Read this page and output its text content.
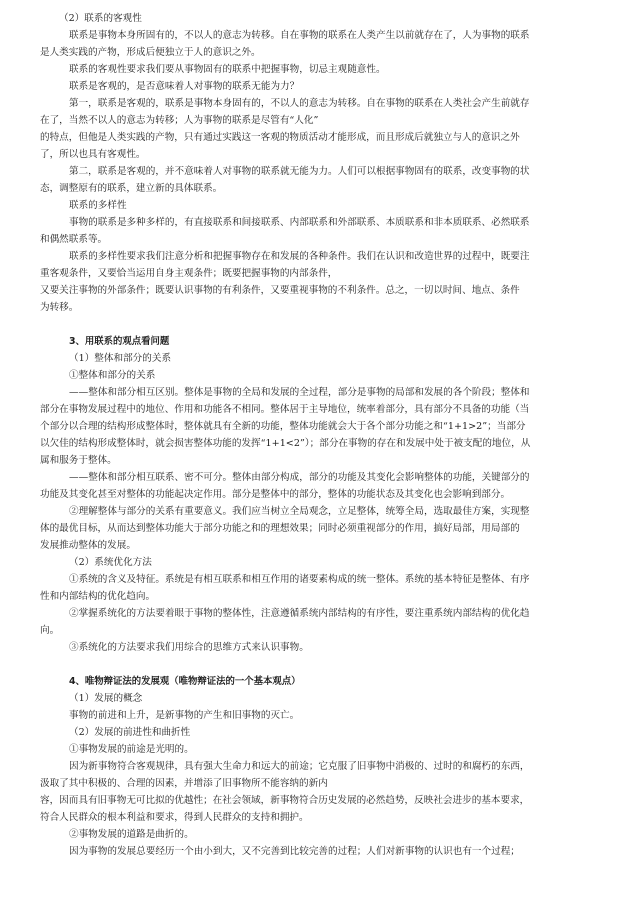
（2）联系的客观性
联系是事物本身所固有的，不以人的意志为转移。自在事物的联系在人类产生以前就存在了，人为事物的联系
是人类实践的产物，形成后便独立于人的意识之外。
联系的客观性要求我们要从事物固有的联系中把握事物，切忌主观随意性。
联系是客观的，是否意味着人对事物的联系无能为力？
第一，联系是客观的，联系是事物本身固有的，不以人的意志为转移。自在事物的联系在人类社会产生前就存
在了，当然不以人的意志为转移；人为事物的联系是尽管有“人化”
的特点，但他是人类实践的产物，只有通过实践这一客观的物质活动才能形成，而且形成后就独立与人的意识之外
了，所以也具有客观性。
第二，联系是客观的，并不意味着人对事物的联系就无能为力。人们可以根据事物固有的联系，改变事物的状
态，调整原有的联系，建立新的具体联系。
联系的多样性
事物的联系是多种多样的，有直接联系和间接联系、内部联系和外部联系、本质联系和非本质联系、必然联系
和偶然联系等。
联系的多样性要求我们注意分析和把握事物存在和发展的各种条件。我们在认识和改造世界的过程中，既要注
重客观条件，又要恰当运用自身主观条件；既要把握事物的内部条件，
又要关注事物的外部条件；既要认识事物的有利条件，又要重视事物的不利条件。总之，一切以时间、地点、条件
为转移。
3、用联系的观点看问题
（1）整体和部分的关系
①整体和部分的关系
——整体和部分相互区别。整体是事物的全局和发展的全过程，部分是事物的局部和发展的各个阶段；整体和
部分在事物发展过程中的地位、作用和功能各不相同。整体居于主导地位，统率着部分，具有部分不具备的功能（当
个部分以合理的结构形成整体时，整体就具有全新的功能，整体功能就会大于各个部分功能之和“1+1>2”；当部分
以欠佳的结构形成整体时，就会损害整体功能的发挥“1+1<2”）；部分在事物的存在和发展中处于被支配的地位，从
属和服务于整体。
——整体和部分相互联系、密不可分。整体由部分构成，部分的功能及其变化会影响整体的功能，关键部分的
功能及其变化甚至对整体的功能起决定作用。部分是整体中的部分，整体的功能状态及其变化也会影响到部分。
②理解整体与部分的关系有重要意义。我们应当树立全局观念，立足整体，统筹全局，选取最佳方案，实现整
体的最优目标，从而达到整体功能大于部分功能之和的理想效果；同时必须重视部分的作用，搞好局部，用局部的
发展推动整体的发展。
（2）系统优化方法
①系统的含义及特征。系统是有相互联系和相互作用的诸要素构成的统一整体。系统的基本特征是整体、有序
性和内部结构的优化趋向。
②掌握系统化的方法要着眼于事物的整体性，注意遵循系统内部结构的有序性，要注重系统内部结构的优化趋
向。
③系统化的方法要求我们用综合的思维方式来认识事物。
4、唯物辩证法的发展观（唯物辩证法的一个基本观点）
（1）发展的概念
事物的前进和上升，是新事物的产生和旧事物的灭亡。
（2）发展的前进性和曲折性
①事物发展的前途是光明的。
因为新事物符合客观规律，具有强大生命力和远大的前途；它克服了旧事物中消极的、过时的和腐朽的东西，
汲取了其中积极的、合理的因素，并增添了旧事物所不能容纳的新内
容，因而具有旧事物无可比拟的优越性；在社会领域，新事物符合历史发展的必然趋势，反映社会进步的基本要求，
符合人民群众的根本利益和要求，得到人民群众的支持和拥护。
②事物发展的道路是曲折的。
因为事物的发展总要经历一个由小到大，又不完善到比较完善的过程；人们对新事物的认识也有一个过程；
